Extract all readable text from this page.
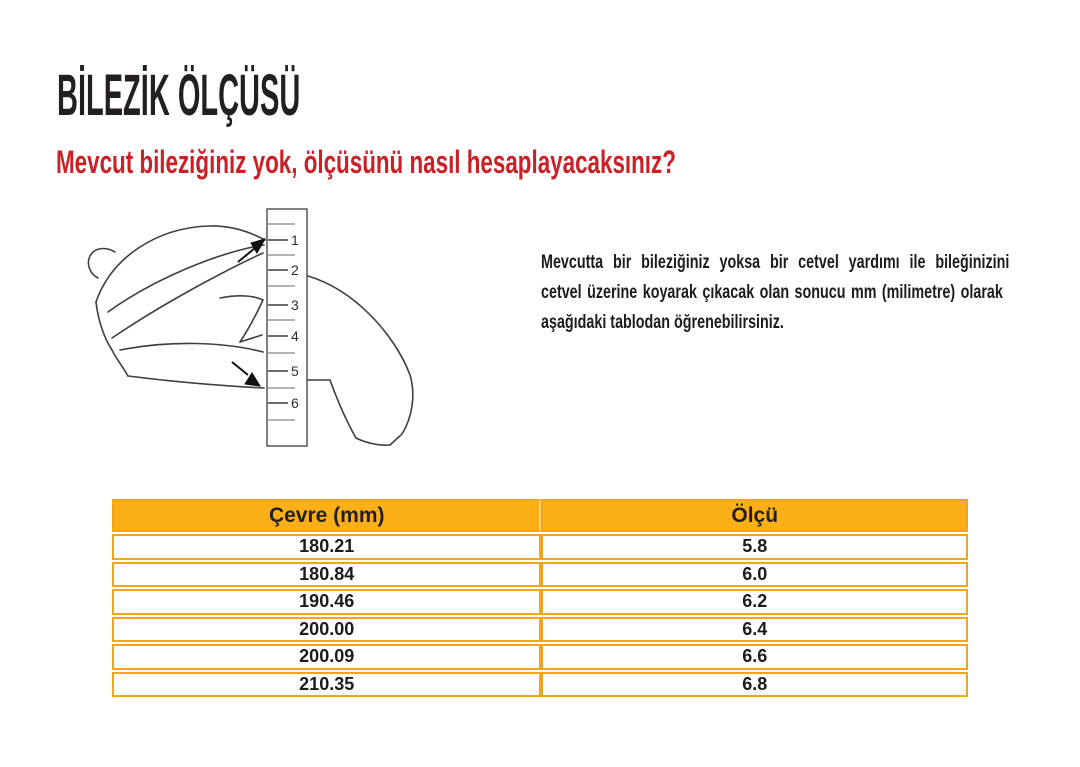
BİLEZİK ÖLÇÜSÜ
Mevcut bileziğiniz yok, ölçüsünü nasıl hesaplayacaksınız?
1
2
3
4
5
6
Mevcutta bir bileziğiniz yoksa bir cetvel yardımı ile bileğinizini
cetvel üzerine koyarak çıkacak olan sonucu mm (milimetre) olarak
aşağıdaki tablodan öğrenebilirsiniz.
Çevre (mm)	Ölçü
180.21	5.8
180.84	6.0
190.46	6.2
200.00	6.4
200.09	6.6
210.35	6.8
